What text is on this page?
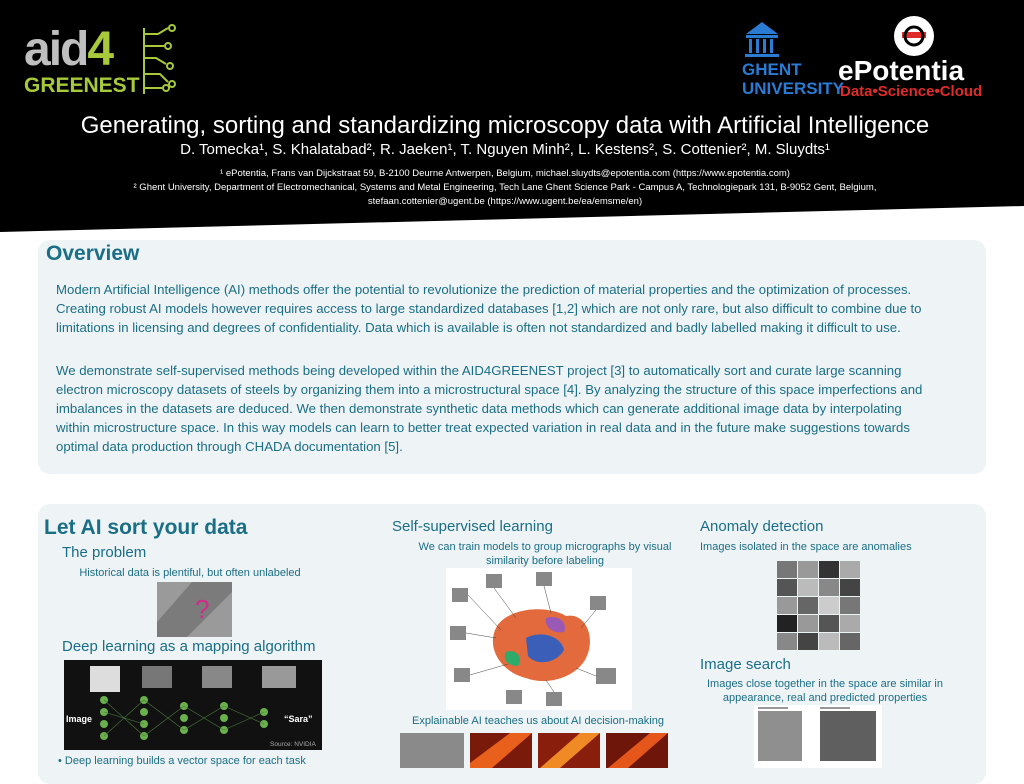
aid4
GREENEST
GHENT
UNIVERSITY
ePotentia
Data•Science•Cloud
Generating, sorting and standardizing microscopy data with Artificial Intelligence
D. Tomecka¹, S. Khalatabad², R. Jaeken¹, T. Nguyen Minh², L. Kestens², S. Cottenier², M. Sluydts¹
¹ ePotentia, Frans van Dijckstraat 59, B-2100 Deurne Antwerpen, Belgium, michael.sluydts@epotentia.com (https://www.epotentia.com)
² Ghent University, Department of Electromechanical, Systems and Metal Engineering, Tech Lane Ghent Science Park - Campus A, Technologiepark 131, B-9052 Gent, Belgium,
stefaan.cottenier@ugent.be (https://www.ugent.be/ea/emsme/en)
Overview
Modern Artificial Intelligence (AI) methods offer the potential to revolutionize the prediction of material properties and the optimization of processes. Creating robust AI models however requires access to large standardized databases [1,2] which are not only rare, but also difficult to combine due to limitations in licensing and degrees of confidentiality. Data which is available is often not standardized and badly labelled making it difficult to use.
We demonstrate self-supervised methods being developed within the AID4GREENEST project [3] to automatically sort and curate large scanning electron microscopy datasets of steels by organizing them into a microstructural space [4]. By analyzing the structure of this space imperfections and imbalances in the datasets are deduced. We then demonstrate synthetic data methods which can generate additional image data by interpolating within microstructure space. In this way models can learn to better treat expected variation in real data and in the future make suggestions towards optimal data production through CHADA documentation [5].
Let AI sort your data
The problem
Historical data is plentiful, but often unlabeled
?
Deep learning as a mapping algorithm
Image	“Sara”
Source: NVIDIA
• Deep learning builds a vector space for each task
Self-supervised learning
We can train models to group micrographs by visual similarity before labeling
Explainable AI teaches us about AI decision-making
Anomaly detection
Images isolated in the space are anomalies
Image search
Images close together in the space are similar in appearance, real and predicted properties
